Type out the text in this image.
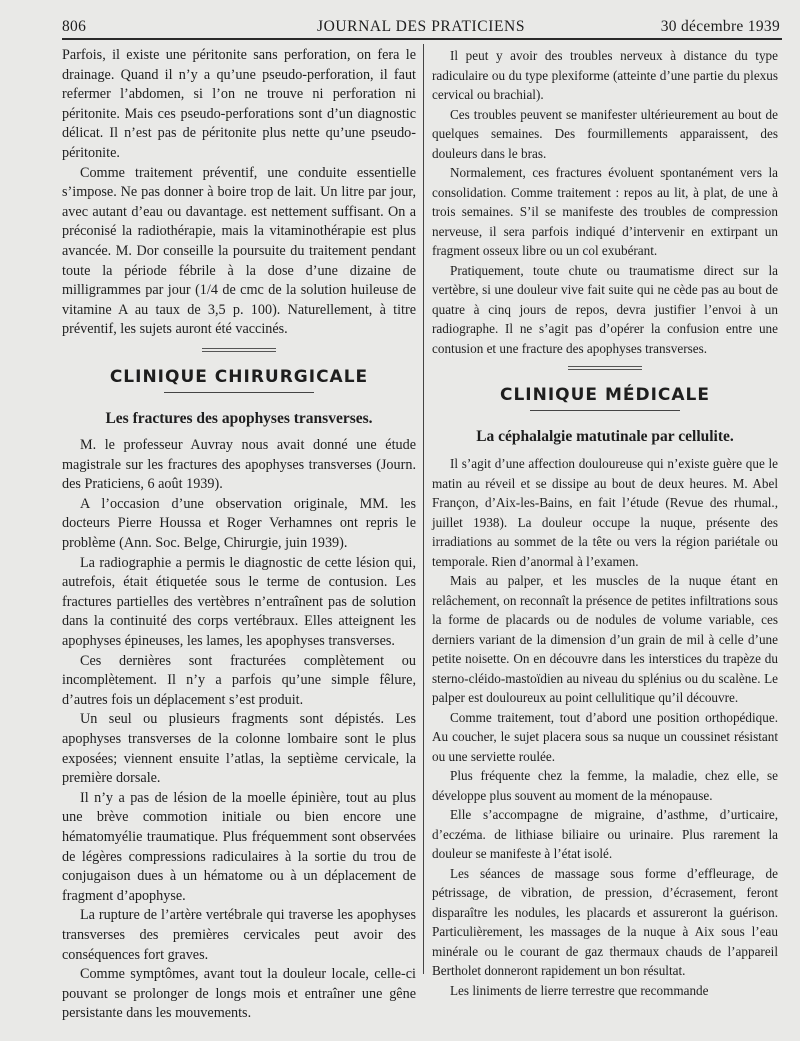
806	JOURNAL DES PRATICIENS	30 décembre 1939

Parfois, il existe une péritonite sans perforation, on fera le drainage. Quand il n’y a qu’une pseudo-perforation, il faut refermer l’abdomen, si l’on ne trouve ni perforation ni péritonite. Mais ces pseudo-perforations sont d’un diagnostic délicat. Il n’est pas de péritonite plus nette qu’une pseudo-péritonite.

Comme traitement préventif, une conduite essentielle s’impose. Ne pas donner à boire trop de lait. Un litre par jour, avec autant d’eau ou davantage. est nettement suffisant. On a préconisé la radiothérapie, mais la vitaminothérapie est plus avancée. M. Dor conseille la poursuite du traitement pendant toute la période fébrile à la dose d’une dizaine de milligrammes par jour (1/4 de cmc de la solution huileuse de vitamine A au taux de 3,5 p. 100). Naturellement, à titre préventif, les sujets auront été vaccinés.

CLINIQUE CHIRURGICALE

Les fractures des apophyses transverses.

M. le professeur Auvray nous avait donné une étude magistrale sur les fractures des apophyses transverses (Journ. des Praticiens, 6 août 1939).

A l’occasion d’une observation originale, MM. les docteurs Pierre Houssa et Roger Verhamnes ont repris le problème (Ann. Soc. Belge, Chirurgie, juin 1939).

La radiographie a permis le diagnostic de cette lésion qui, autrefois, était étiquetée sous le terme de contusion. Les fractures partielles des vertèbres n’entraînent pas de solution dans la continuité des corps vertébraux. Elles atteignent les apophyses épineuses, les lames, les apophyses transverses.

Ces dernières sont fracturées complètement ou incomplètement. Il n’y a parfois qu’une simple fêlure, d’autres fois un déplacement s’est produit.

Un seul ou plusieurs fragments sont dépistés. Les apophyses transverses de la colonne lombaire sont le plus exposées; viennent ensuite l’atlas, la septième cervicale, la première dorsale.

Il n’y a pas de lésion de la moelle épinière, tout au plus une brève commotion initiale ou bien encore une hématomyélie traumatique. Plus fréquemment sont observées de légères compressions radiculaires à la sortie du trou de conjugaison dues à un hématome ou à un déplacement de fragment d’apophyse.

La rupture de l’artère vertébrale qui traverse les apophyses transverses des premières cervicales peut avoir des conséquences fort graves.

Comme symptômes, avant tout la douleur locale, celle-ci pouvant se prolonger de longs mois et entraîner une gêne persistante dans les mouvements.

Il peut y avoir des troubles nerveux à distance du type radiculaire ou du type plexiforme (atteinte d’une partie du plexus cervical ou brachial).

Ces troubles peuvent se manifester ultérieurement au bout de quelques semaines. Des fourmillements apparaissent, des douleurs dans le bras.

Normalement, ces fractures évoluent spontanément vers la consolidation. Comme traitement : repos au lit, à plat, de une à trois semaines. S’il se manifeste des troubles de compression nerveuse, il sera parfois indiqué d’intervenir en extirpant un fragment osseux libre ou un col exubérant.

Pratiquement, toute chute ou traumatisme direct sur la vertèbre, si une douleur vive fait suite qui ne cède pas au bout de quatre à cinq jours de repos, devra justifier l’envoi à un radiographe. Il ne s’agit pas d’opérer la confusion entre une contusion et une fracture des apophyses transverses.

CLINIQUE MÉDICALE

La céphalalgie matutinale par cellulite.

Il s’agit d’une affection douloureuse qui n’existe guère que le matin au réveil et se dissipe au bout de deux heures. M. Abel Françon, d’Aix-les-Bains, en fait l’étude (Revue des rhumal., juillet 1938). La douleur occupe la nuque, présente des irradiations au sommet de la tête ou vers la région pariétale ou temporale. Rien d’anormal à l’examen.

Mais au palper, et les muscles de la nuque étant en relâchement, on reconnaît la présence de petites infiltrations sous la forme de placards ou de nodules de volume variable, ces derniers variant de la dimension d’un grain de mil à celle d’une petite noisette. On en découvre dans les interstices du trapèze du sterno-cléido-mastoïdien au niveau du splénius ou du scalène. Le palper est douloureux au point cellulitique qu’il découvre.

Comme traitement, tout d’abord une position orthopédique. Au coucher, le sujet placera sous sa nuque un coussinet résistant ou une serviette roulée.

Plus fréquente chez la femme, la maladie, chez elle, se développe plus souvent au moment de la ménopause.

Elle s’accompagne de migraine, d’asthme, d’urticaire, d’eczéma. de lithiase biliaire ou urinaire. Plus rarement la douleur se manifeste à l’état isolé.

Les séances de massage sous forme d’effleurage, de pétrissage, de vibration, de pression, d’écrasement, feront disparaître les nodules, les placards et assureront la guérison. Particulièrement, les massages de la nuque à Aix sous l’eau minérale ou le courant de gaz thermaux chauds de l’appareil Bertholet donneront rapidement un bon résultat.

Les liniments de lierre terrestre que recommande
